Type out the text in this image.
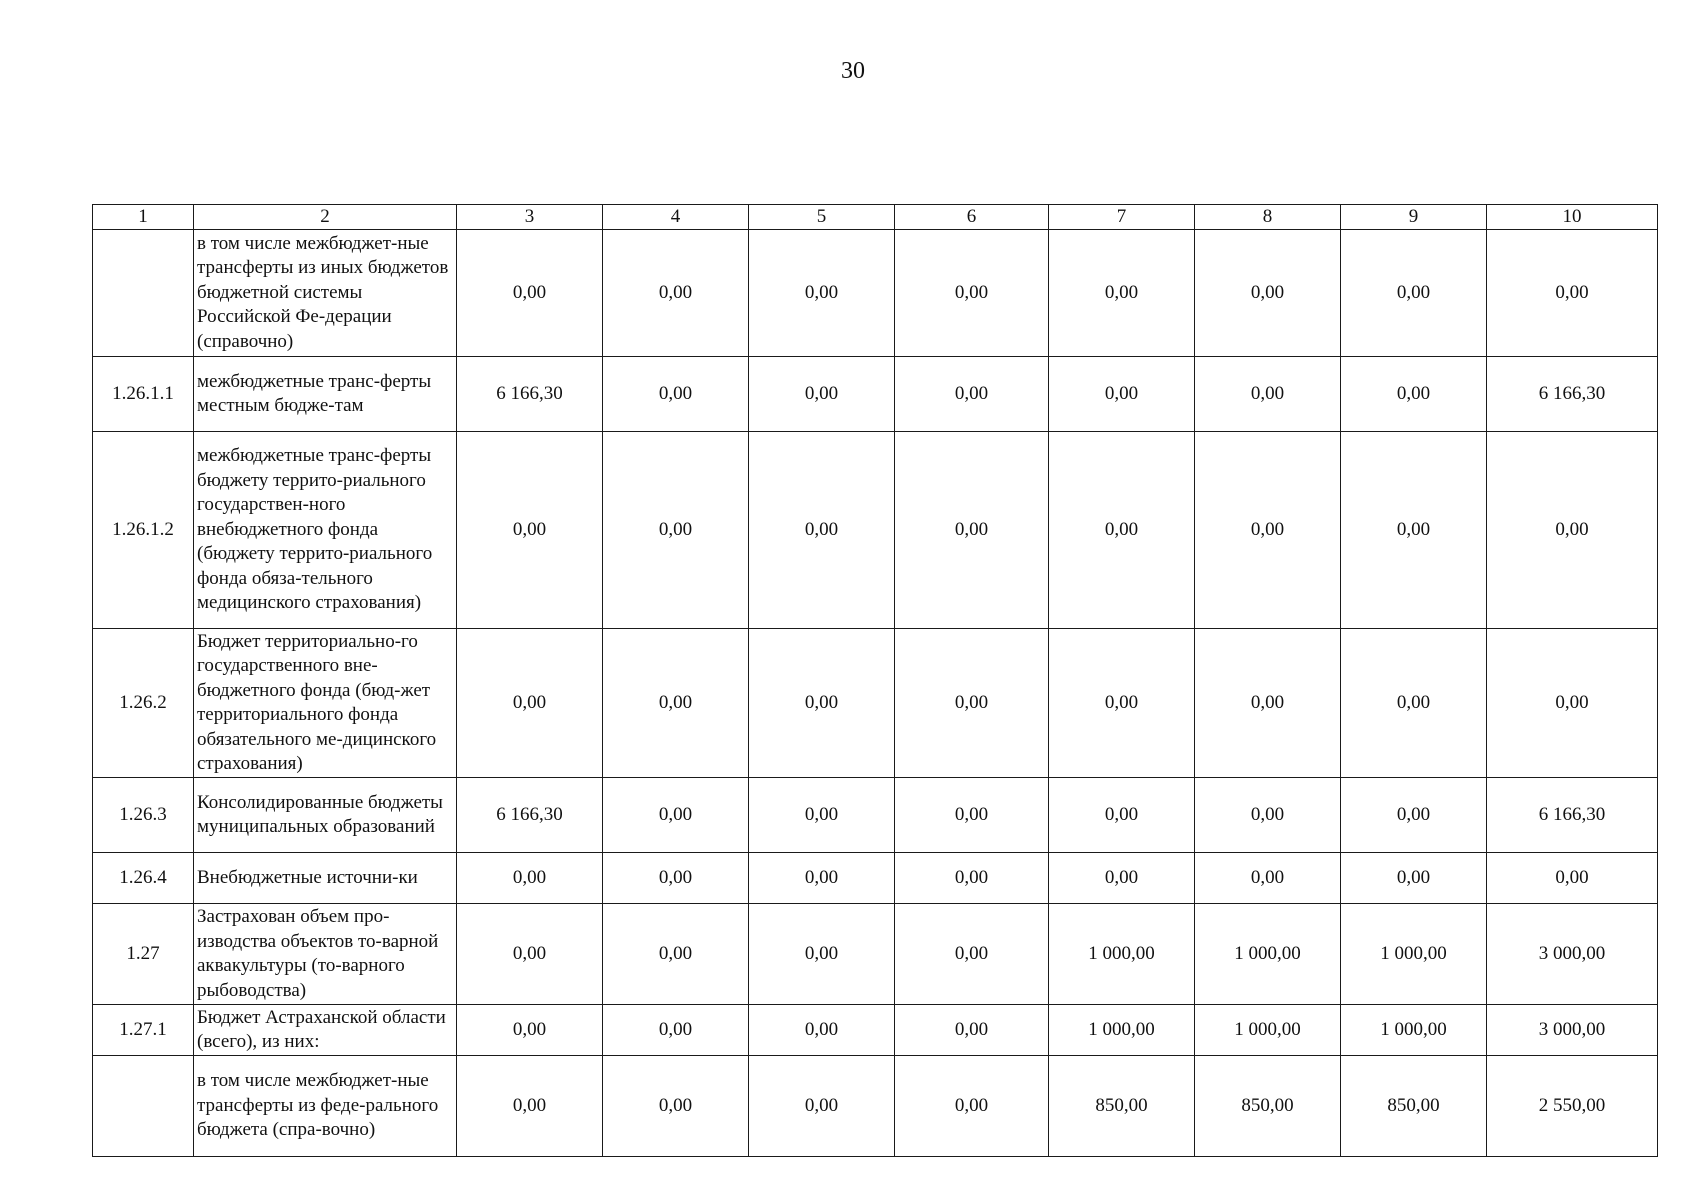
30
1	2	3	4	5	6	7	8	9	10
	в том числе межбюджет-ные трансферты из иных бюджетов бюджетной системы Российской Фе-дерации (справочно)	0,00	0,00	0,00	0,00	0,00	0,00	0,00	0,00
1.26.1.1	межбюджетные транс-ферты местным бюдже-там	6 166,30	0,00	0,00	0,00	0,00	0,00	0,00	6 166,30
1.26.1.2	межбюджетные транс-ферты бюджету террито-риального государствен-ного внебюджетного фонда (бюджету террито-риального фонда обяза-тельного медицинского страхования)	0,00	0,00	0,00	0,00	0,00	0,00	0,00	0,00
1.26.2	Бюджет территориально-го государственного вне-бюджетного фонда (бюд-жет территориального фонда обязательного ме-дицинского страхования)	0,00	0,00	0,00	0,00	0,00	0,00	0,00	0,00
1.26.3	Консолидированные бюджеты муниципальных образований	6 166,30	0,00	0,00	0,00	0,00	0,00	0,00	6 166,30
1.26.4	Внебюджетные источни-ки	0,00	0,00	0,00	0,00	0,00	0,00	0,00	0,00
1.27	Застрахован объем про-изводства объектов то-варной аквакультуры (то-варного рыбоводства)	0,00	0,00	0,00	0,00	1 000,00	1 000,00	1 000,00	3 000,00
1.27.1	Бюджет Астраханской области (всего), из них:	0,00	0,00	0,00	0,00	1 000,00	1 000,00	1 000,00	3 000,00
	в том числе межбюджет-ные трансферты из феде-рального бюджета (спра-вочно)	0,00	0,00	0,00	0,00	850,00	850,00	850,00	2 550,00
